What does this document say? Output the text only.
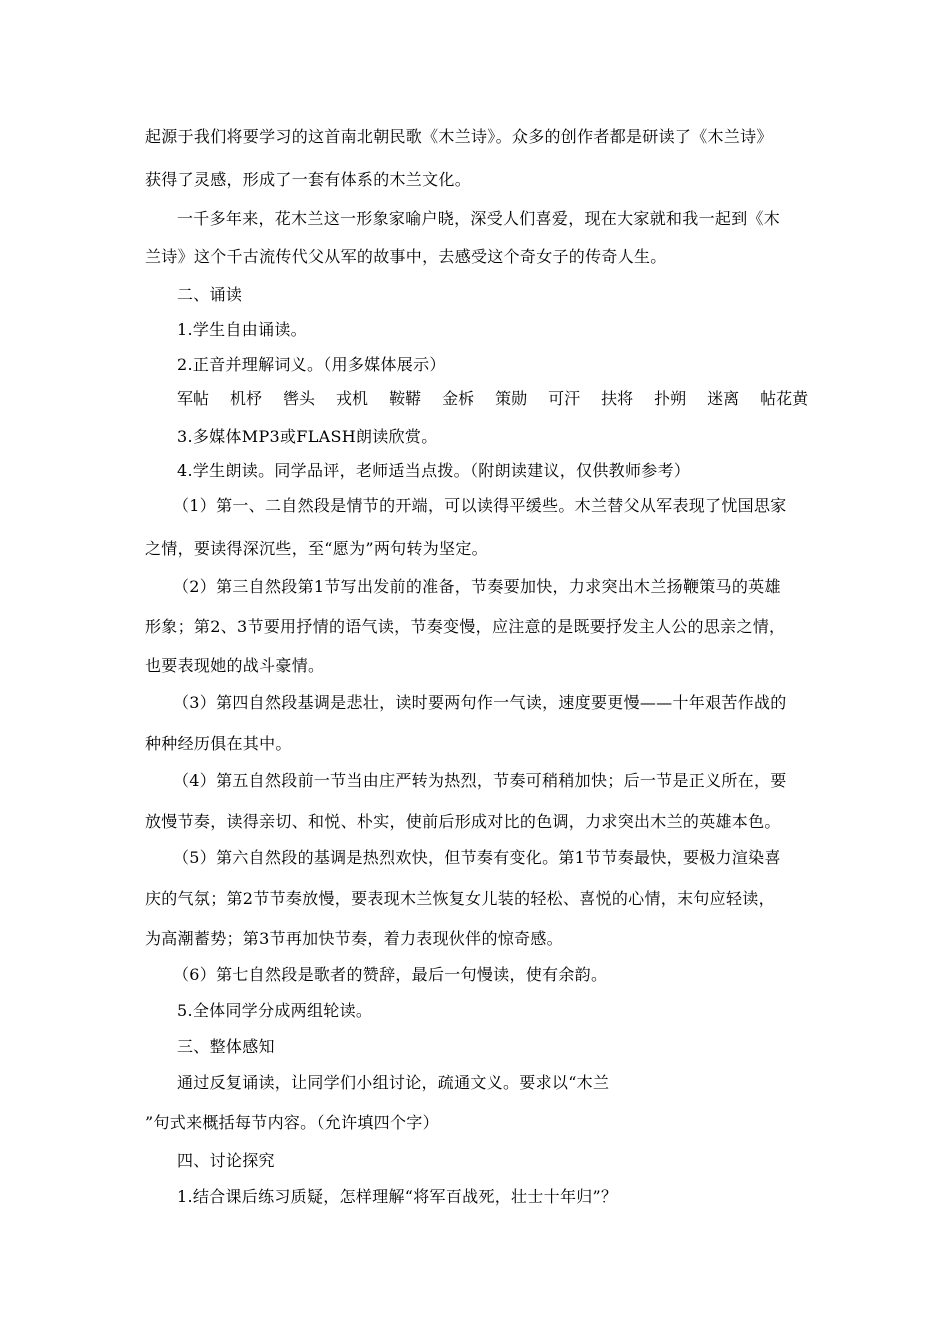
起源于我们将要学习的这首南北朝民歌《木兰诗》。众多的创作者都是研读了《木兰诗》
获得了灵感，形成了一套有体系的木兰文化。
一千多年来，花木兰这一形象家喻户晓，深受人们喜爱，现在大家就和我一起到《木
兰诗》这个千古流传代父从军的故事中，去感受这个奇女子的传奇人生。
二、诵读
1.学生自由诵读。
2.正音并理解词义。（用多媒体展示）
军帖 机杼 辔头 戎机 鞍鞯 金柝 策勋 可汗 扶将 扑朔 迷离 帖花黄
3.多媒体MP3或FLASH朗读欣赏。
4.学生朗读。同学品评，老师适当点拨。（附朗读建议，仅供教师参考）
（1）第一、二自然段是情节的开端，可以读得平缓些。木兰替父从军表现了忧国思家
之情，要读得深沉些，至“愿为”两句转为坚定。
（2）第三自然段第1节写出发前的准备，节奏要加快，力求突出木兰扬鞭策马的英雄
形象；第2、3节要用抒情的语气读，节奏变慢，应注意的是既要抒发主人公的思亲之情，
也要表现她的战斗豪情。
（3）第四自然段基调是悲壮，读时要两句作一气读，速度要更慢——十年艰苦作战的
种种经历俱在其中。
（4）第五自然段前一节当由庄严转为热烈，节奏可稍稍加快；后一节是正义所在，要
放慢节奏，读得亲切、和悦、朴实，使前后形成对比的色调，力求突出木兰的英雄本色。
（5）第六自然段的基调是热烈欢快，但节奏有变化。第1节节奏最快，要极力渲染喜
庆的气氛；第2节节奏放慢，要表现木兰恢复女儿装的轻松、喜悦的心情，末句应轻读，
为高潮蓄势；第3节再加快节奏，着力表现伙伴的惊奇感。
（6）第七自然段是歌者的赞辞，最后一句慢读，使有余韵。
5.全体同学分成两组轮读。
三、整体感知
通过反复诵读，让同学们小组讨论，疏通文义。要求以“木兰
”句式来概括每节内容。（允许填四个字）
四、讨论探究
1.结合课后练习质疑，怎样理解“将军百战死，壮士十年归”？
